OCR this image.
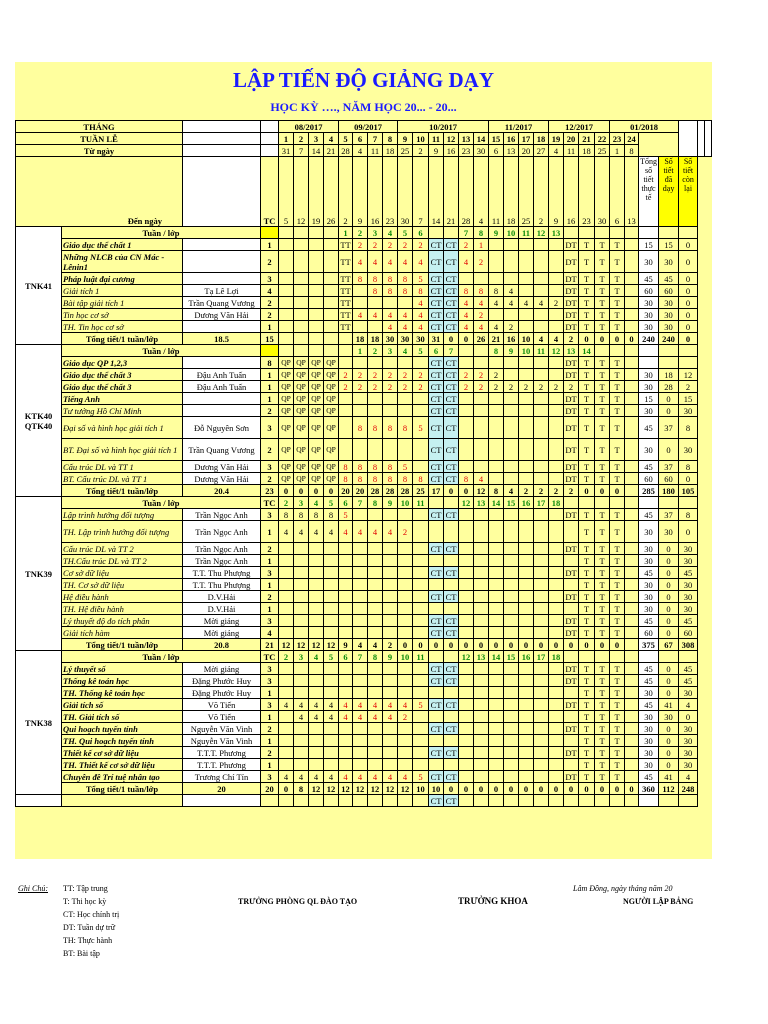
LẬP TIẾN ĐỘ GIẢNG DẠY
HỌC KỲ …., NĂM HỌC 20... - 20...
THÁNG				08/2017				09/2017				10/2017						11/2017				12/2017				01/2018						
TUẦN LỄ				1	2	3	4	5	6	7	8	9	10	11	12	13	14	15	16	17	18	19	20	21	22	23	24					
Từ ngày				31	7	14	21	28	4	11	18	25	2	9	16	23	30	6	13	20	27	4	11	18	25	1	8					
Đến ngày			TC	5	12	19	26	2	9	16	23	30	7	14	21	28	4	11	18	25	2	9	16	23	30	6	13	Tổng số tiết thực tế	Số tiết đã dạy	Số tiết còn lại		
TNK41	Tuần / lớp							1	2	3	4	5	6			7	8	9	10	11	12	13										
	Giáo dục thể chất 1		1					TT	2	2	2	2	2	CT	CT	2	1						DT	T	T	T		15	15	0		
	Những NLCB của CN Mác - Lênin1		2					TT	4	4	4	4	4	CT	CT	4	2						DT	T	T	T		30	30	0		
	Pháp luật đại cương		3					TT	8	8	8	8	5	CT	CT								DT	T	T	T		45	45	0		
	Giải tích 1	Tạ Lê Lợi	4					TT		8	8	8	8	CT	CT	8	8	8	4				DT	T	T	T		60	60	0		
	Bài tập giải tích 1	Trần Quang Vương	2					TT					4	CT	CT	4	4	4	4	4	4	2	DT	T	T	T		30	30	0		
	Tin học cơ sở	Dương Văn Hải	2					TT	4	4	4	4	4	CT	CT	4	2						DT	T	T	T		30	30	0		
	TH. Tin học cơ sở		1					TT			4	4	4	CT	CT	4	4	4	2				DT	T	T	T		30	30	0		
	Tổng tiết/1 tuần/lớp	18.5	15						18	18	30	30	30	31	0	0	26	21	16	10	4	4	2	0	0	0	0	240	240	0		
KTK40 QTK40	Tuần / lớp								1	2	3	4	5	6	7			8	9	10	11	12	13	14								
	Giáo dục QP 1,2,3		8	QP	QP	QP	QP							CT	CT								DT	T	T	T						
	Giáo dục thể chất 3	Đậu Anh Tuấn	1	QP	QP	QP	QP	2	2	2	2	2	2	CT	CT	2	2	2					DT	T	T	T		30	18	12		
	Giáo dục thể chất 3	Đậu Anh Tuấn	1	QP	QP	QP	QP	2	2	2	2	2	2	CT	CT	2	2	2	2	2	2	2	2	T	T	T		30	28	2		
	Tiếng Anh		1	QP	QP	QP	QP							CT	CT								DT	T	T	T		15	0	15		
	Tư tưởng Hồ Chí Minh		2	QP	QP	QP	QP							CT	CT								DT	T	T	T		30	0	30		
	Đại số và hình học giải tích 1	Đỗ Nguyên Sơn	3	QP	QP	QP	QP		8	8	8	8	5	CT	CT								DT	T	T	T		45	37	8		
	BT. Đại số và hình học giải tích 1	Trần Quang Vương	2	QP	QP	QP	QP							CT	CT								DT	T	T	T		30	0	30		
	Cấu trúc DL và TT 1	Dương Văn Hải	3	QP	QP	QP	QP	8	8	8	8	5		CT	CT								DT	T	T	T		45	37	8		
	BT. Cấu trúc DL và TT 1	Dương Văn Hải	2	QP	QP	QP	QP	8	8	8	8	8	8	CT	CT	8	4						DT	T	T	T		60	60	0		
	Tổng tiết/1 tuần/lớp	20.4	23	0	0	0	0	20	20	28	28	28	25	17	0	0	12	8	4	2	2	2	2	0	0	0		285	180	105		
TNK39	Tuần / lớp		TC	2	3	4	5	6	7	8	9	10	11			12	13	14	15	16	17	18										
	Lập trình hướng đối tượng	Trần Ngọc Anh	3	8	8	8	8	5						CT	CT								DT	T	T	T		45	37	8		
	TH. Lập trình hướng đối tượng	Trần Ngọc Anh	1	4	4	4	4	4	4	4	4	2												T	T	T		30	30	0		
	Cấu trúc DL và TT 2	Trần Ngọc Anh	2											CT	CT								DT	T	T	T		30	0	30		
	TH.Cấu trúc DL và TT 2	Trần Ngọc Anh	1																					T	T	T		30	0	30		
	Cơ sở dữ liệu	T.T. Thu Phượng	3											CT	CT								DT	T	T	T		45	0	45		
	TH. Cơ sở dữ liệu	T.T. Thu Phượng	1																					T	T	T		30	0	30		
	Hệ điều hành	D.V.Hải	2											CT	CT								DT	T	T	T		30	0	30		
	TH. Hệ điều hành	D.V.Hải	1																					T	T	T		30	0	30		
	Lý thuyết độ đo tích phân	Mời giảng	3											CT	CT								DT	T	T	T		45	0	45		
	Giải tích hàm	Mời giảng	4											CT	CT								DT	T	T	T		60	0	60		
	Tổng tiết/1 tuần/lớp	20.8	21	12	12	12	12	9	4	4	2	0	0	0	0	0	0	0	0	0	0	0	0	0	0	0		375	67	308		
TNK38	Tuần / lớp		TC	2	3	4	5	6	7	8	9	10	11			12	13	14	15	16	17	18										
	Lý thuyết số	Mời giảng	3											CT	CT								DT	T	T	T		45	0	45		
	Thống kê toán học	Đặng Phước Huy	3											CT	CT								DT	T	T	T		45	0	45		
	TH. Thống kê toán học	Đặng Phước Huy	1																					T	T	T		30	0	30		
	Giải tích số	Võ Tiến	3	4	4	4	4	4	4	4	4	4	5	CT	CT								DT	T	T	T		45	41	4		
	TH. Giải tích số	Võ Tiến	1		4	4	4	4	4	4	4	2												T	T	T		30	30	0		
	Qui hoạch tuyến tính	Nguyễn Văn Vinh	2											CT	CT								DT	T	T	T		30	0	30		
	TH. Qui hoạch tuyến tính	Nguyễn Văn Vinh	1																					T	T	T		30	0	30		
	Thiết kế cơ sở dữ liệu	T.T.T. Phương	2											CT	CT								DT	T	T	T		30	0	30		
	TH. Thiết kế cơ sở dữ liệu	T.T.T. Phương	1																					T	T	T		30	0	30		
	Chuyên đề Trí tuệ nhân tạo	Trương Chí Tín	3	4	4	4	4	4	4	4	4	4	5	CT	CT								DT	T	T	T		45	41	4		
	Tổng tiết/1 tuần/lớp	20	20	0	8	12	12	12	12	12	12	12	10	10	0	0	0	0	0	0	0	0	0	0	0	0	0	360	112	248		
														CT	CT																	
Ghi Chú: TT: Tập trung
T: Thi học kỳ
CT: Học chính trị
DT: Tuần dự trữ
TH: Thực hành
BT: Bài tập
TRƯỞNG PHÒNG QL ĐÀO TẠO	TRƯỞNG KHOA
Lâm Đồng, ngày tháng năm 20
NGƯỜI LẬP BẢNG
